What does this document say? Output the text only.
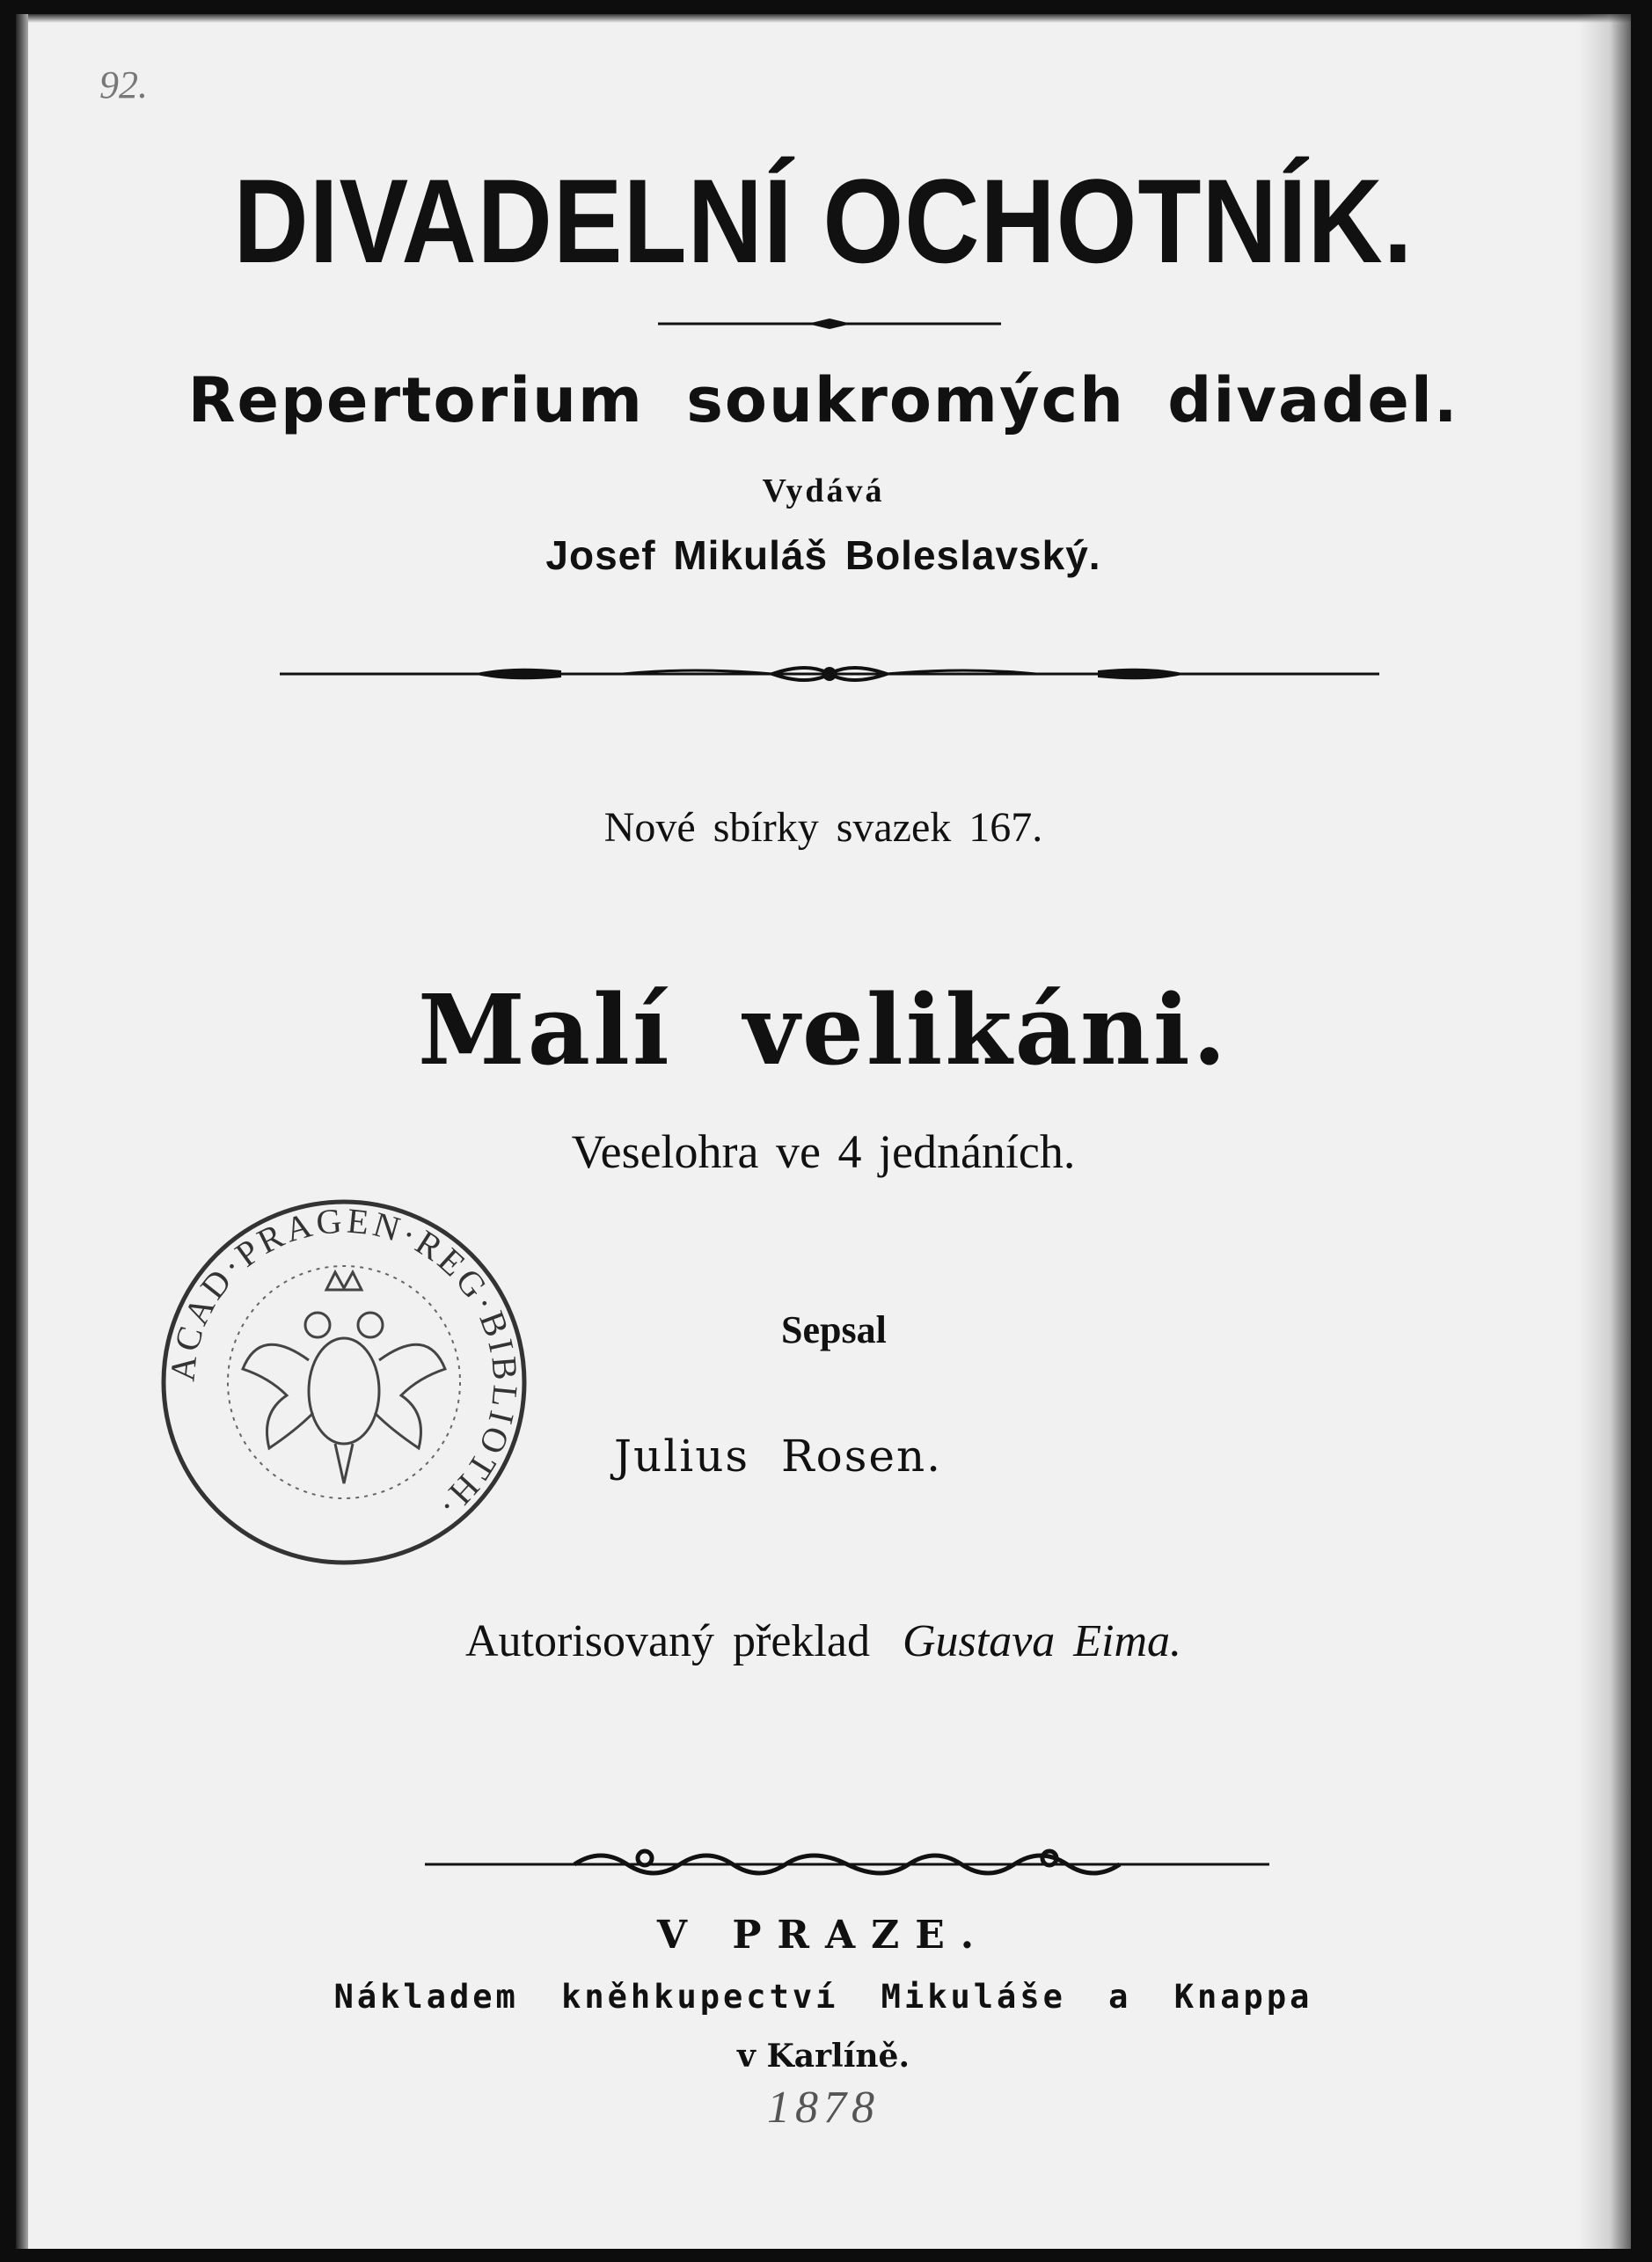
92.
DIVADELNÍ OCHOTNÍK.
Repertorium soukromých divadel.
Vydává
Josef Mikuláš Boleslavský.
Nové sbírky svazek 167.
Malí velikáni.
Veselohra ve 4 jednáních.
Sepsal
Julius Rosen.
Autorisovaný překlad Gustava Eima.
ACAD·PRAGEN·REG·BIBLIOTH·
V PRAZE.
Nákladem kněhkupectví Mikuláše a Knappa
v Karlíně.
1878
